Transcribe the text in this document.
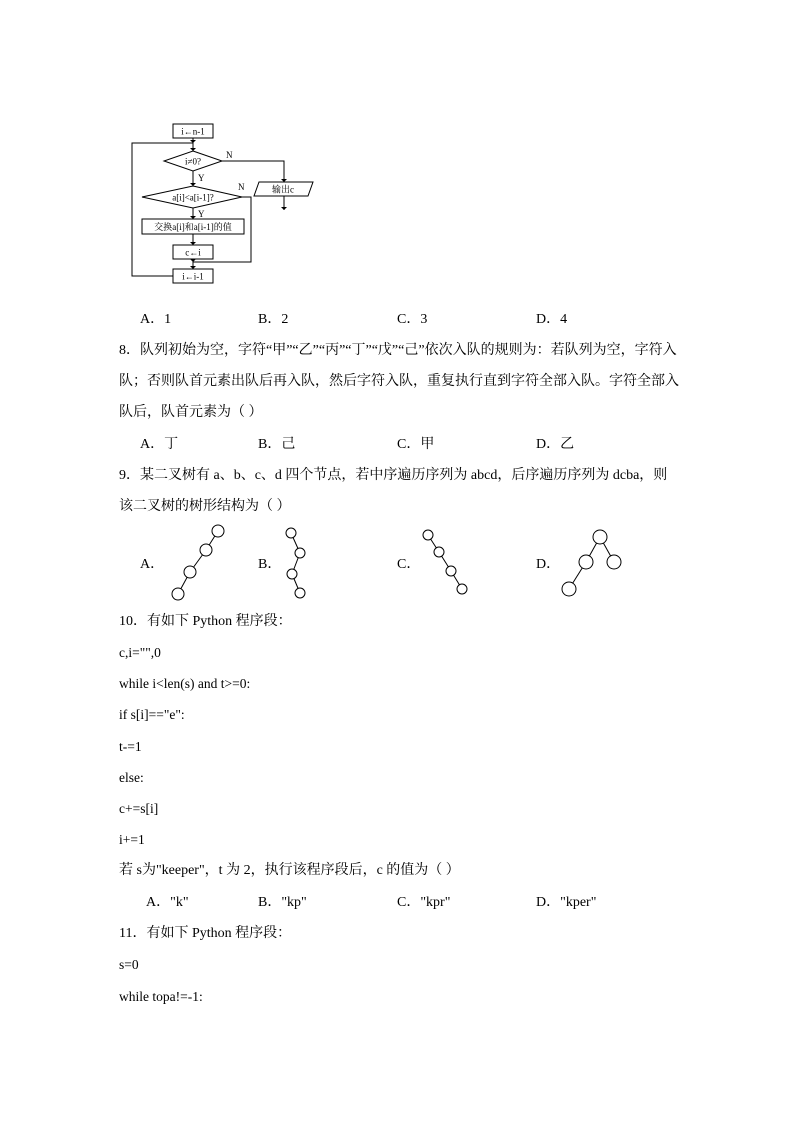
i←n-1
i≠0?
a[i]<a[i-1]?
交换a[i]和a[i-1]的值
c←i
i←i-1
输出c
Y
Y
N
N
A．1	B．2	C．3	D．4
8．队列初始为空，字符“甲”“乙”“丙”“丁”“戊”“己”依次入队的规则为：若队列为空，字符入
队；否则队首元素出队后再入队，然后字符入队，重复执行直到字符全部入队。字符全部入
队后，队首元素为（ ）
A．丁	B．己	C．甲	D．乙
9．某二叉树有 a、b、c、d 四个节点，若中序遍历序列为 abcd，后序遍历序列为 dcba，则
该二叉树的树形结构为（ ）
A．	B．	C．	D．
10．有如下 Python 程序段：
c,i="",0
while i<len(s) and t>=0:
if s[i]=="e":
t-=1
else:
c+=s[i]
i+=1
若 s为"keeper"，t 为 2，执行该程序段后，c 的值为（ ）
A．"k"	B．"kp"	C．"kpr"	D．"kper"
11．有如下 Python 程序段：
s=0
while topa!=-1:
